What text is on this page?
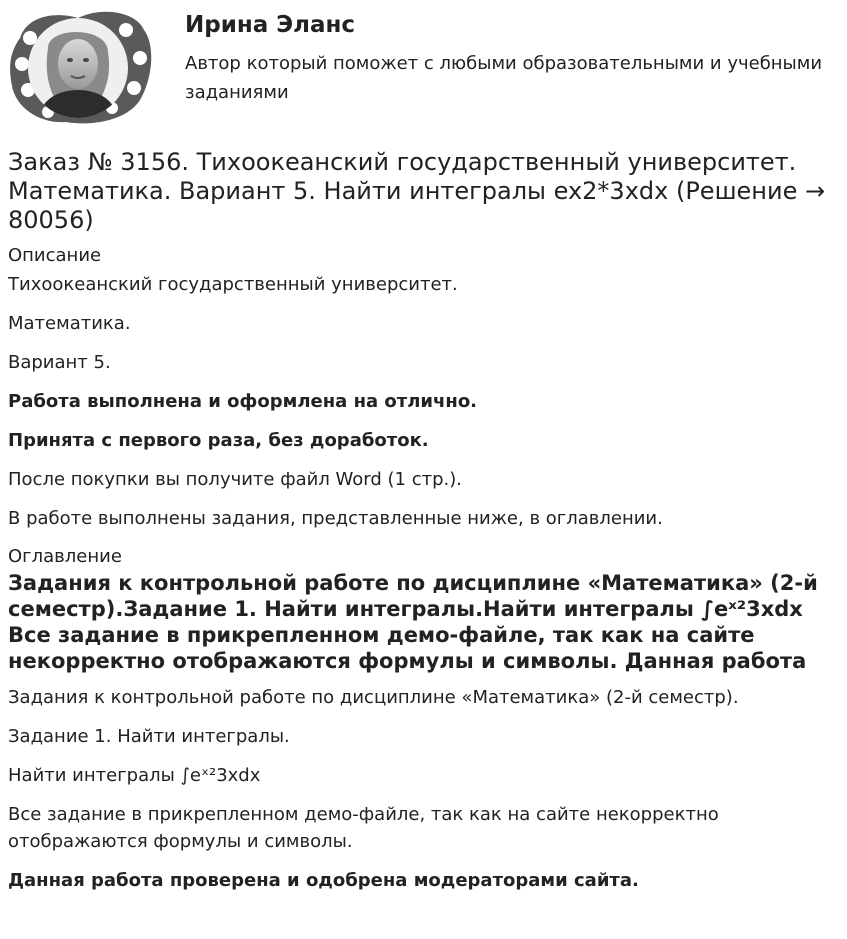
Ирина Эланс
Автор который поможет с любыми образовательными и учебными заданиями
Заказ № 3156. Тихоокеанский государственный университет. Математика. Вариант 5. Найти интегралы ex2*3xdx (Решение → 80056)
Описание

Тихоокеанский государственный университет.

Математика.

Вариант 5.

Работа выполнена и оформлена на отлично.

Принята с первого раза, без доработок.

После покупки вы получите файл Word (1 стр.).

В работе выполнены задания, представленные ниже, в оглавлении.

Оглавление
Задания к контрольной работе по дисциплине «Математика» (2-й семестр).Задание 1. Найти интегралы.Найти интегралы ∫eˣ²3xdx Все задание в прикрепленном демо-файле, так как на сайте некорректно отображаются формулы и символы. Данная работа

Задания к контрольной работе по дисциплине «Математика» (2-й семестр).

Задание 1. Найти интегралы.

Найти интегралы ∫eˣ²3xdx

Все задание в прикрепленном демо-файле, так как на сайте некорректно отображаются формулы и символы.

Данная работа проверена и одобрена модераторами сайта.
